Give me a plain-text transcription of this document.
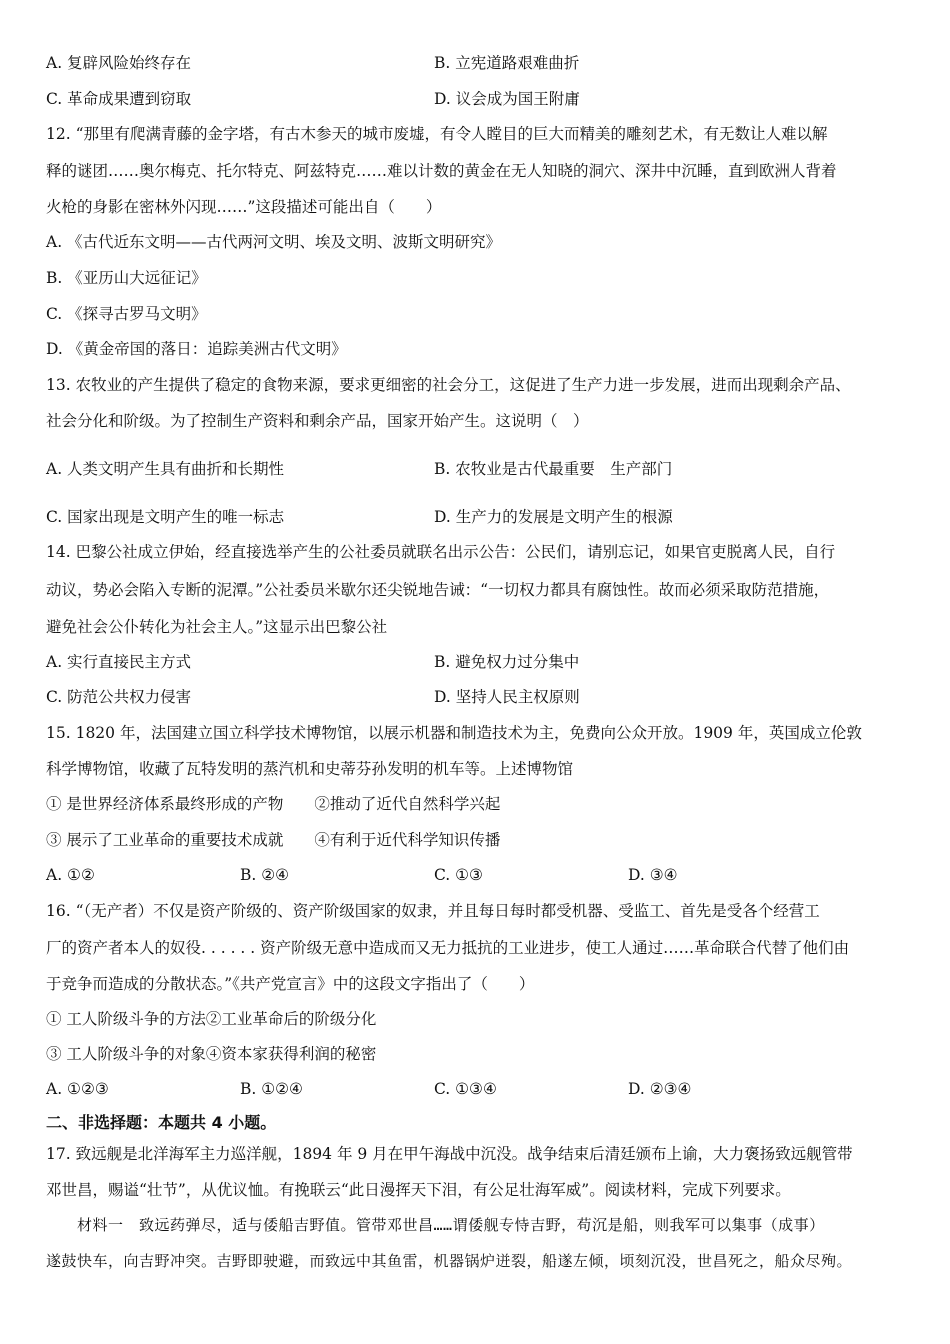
A. 复辟风险始终存在	B. 立宪道路艰难曲折
C. 革命成果遭到窃取	D. 议会成为国王附庸
12. “那里有爬满青藤的金字塔，有古木参天的城市废墟，有令人瞠目的巨大而精美的雕刻艺术，有无数让人难以解
释的谜团……奥尔梅克、托尔特克、阿兹特克……难以计数的黄金在无人知晓的洞穴、深井中沉睡，直到欧洲人背着
火枪的身影在密林外闪现……”这段描述可能出自（　　）
A. 《古代近东文明——古代两河文明、埃及文明、波斯文明研究》
B. 《亚历山大远征记》
C. 《探寻古罗马文明》
D. 《黄金帝国的落日：追踪美洲古代文明》
13. 农牧业的产生提供了稳定的食物来源，要求更细密的社会分工，这促进了生产力进一步发展，进而出现剩余产品、
社会分化和阶级。为了控制生产资料和剩余产品，国家开始产生。这说明（　）
A. 人类文明产生具有曲折和长期性	B. 农牧业是古代最重要　生产部门
C. 国家出现是文明产生的唯一标志	D. 生产力的发展是文明产生的根源
14. 巴黎公社成立伊始，经直接选举产生的公社委员就联名出示公告：公民们，请别忘记，如果官吏脱离人民，自行
动议，势必会陷入专断的泥潭。”公社委员米歇尔还尖锐地告诫：“一切权力都具有腐蚀性。故而必须采取防范措施，
避免社会公仆转化为社会主人。”这显示出巴黎公社
A. 实行直接民主方式	B. 避免权力过分集中
C. 防范公共权力侵害	D. 坚持人民主权原则
15. 1820 年，法国建立国立科学技术博物馆，以展示机器和制造技术为主，免费向公众开放。1909 年，英国成立伦敦
科学博物馆，收藏了瓦特发明的蒸汽机和史蒂芬孙发明的机车等。上述博物馆
① 是世界经济体系最终形成的产物　　②推动了近代自然科学兴起
③ 展示了工业革命的重要技术成就　　④有利于近代科学知识传播
A. ①②	B. ②④	C. ①③	D. ③④
16. “（无产者）不仅是资产阶级的、资产阶级国家的奴隶，并且每日每时都受机器、受监工、首先是受各个经营工
厂的资产者本人的奴役. . . . . . 资产阶级无意中造成而又无力抵抗的工业进步，使工人通过……革命联合代替了他们由
于竞争而造成的分散状态。”《共产党宣言》中的这段文字指出了（　　）
① 工人阶级斗争的方法②工业革命后的阶级分化
③ 工人阶级斗争的对象④资本家获得利润的秘密
A. ①②③	B. ①②④	C. ①③④	D. ②③④
二、非选择题：本题共 4 小题。
17. 致远舰是北洋海军主力巡洋舰，1894 年 9 月在甲午海战中沉没。战争结束后清廷颁布上谕，大力褒扬致远舰管带
邓世昌，赐谥“壮节”，从优议恤。有挽联云“此日漫挥天下泪，有公足壮海军威”。阅读材料，完成下列要求。
　　材料一　致远药弹尽，适与倭船吉野值。管带邓世昌……谓倭舰专恃吉野，苟沉是船，则我军可以集事（成事）
遂鼓快车，向吉野冲突。吉野即驶避，而致远中其鱼雷，机器锅炉迸裂，船遂左倾，顷刻沉没，世昌死之，船众尽殉。
